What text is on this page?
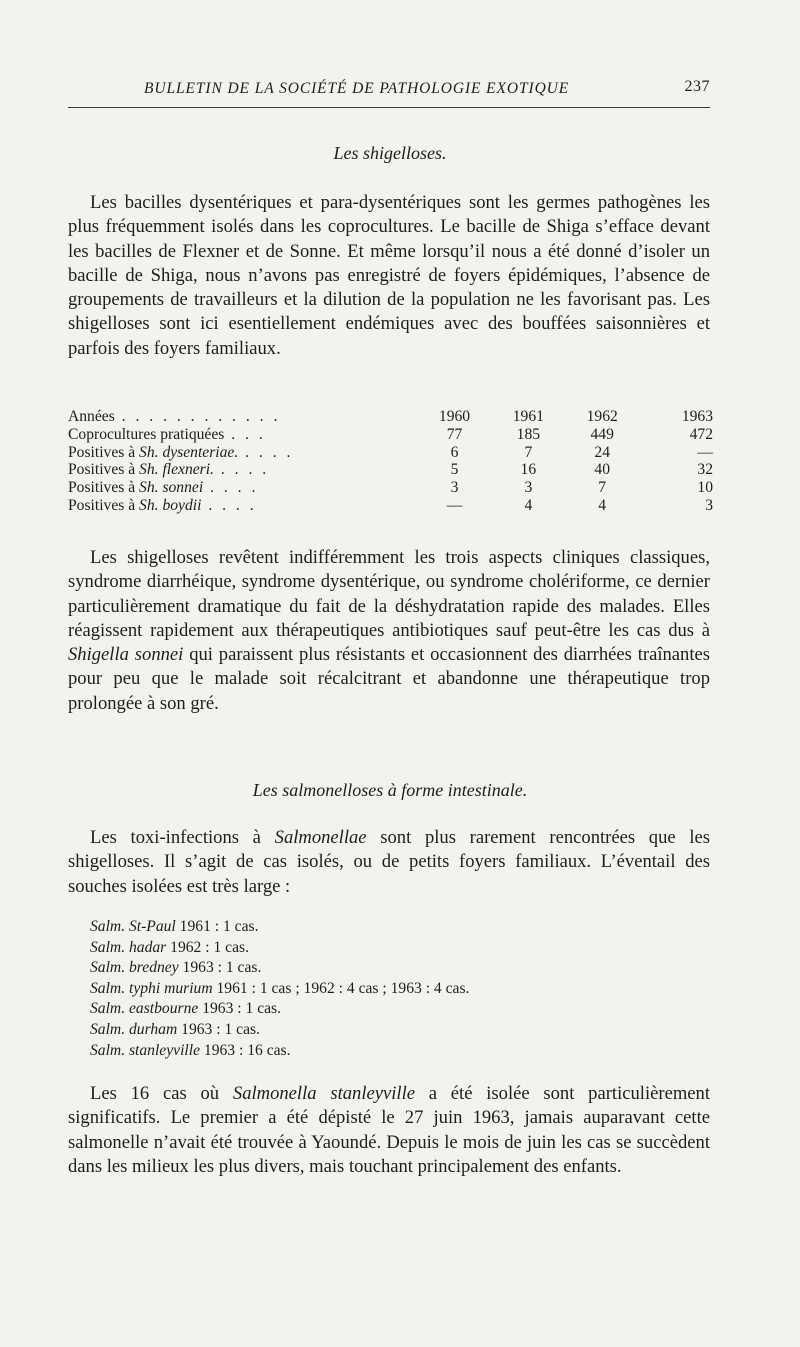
BULLETIN DE LA SOCIÉTÉ DE PATHOLOGIE EXOTIQUE	237
Les shigelloses.

Les bacilles dysentériques et para-dysentériques sont les germes pathogènes les plus fréquemment isolés dans les coprocultures. Le bacille de Shiga s’efface devant les bacilles de Flexner et de Sonne. Et même lorsqu’il nous a été donné d’isoler un bacille de Shiga, nous n’avons pas enregistré de foyers épidémiques, l’absence de groupements de travailleurs et la dilution de la population ne les favorisant pas. Les shigelloses sont ici esentiellement endémiques avec des bouffées saisonnières et parfois des foyers familiaux.

Années . . . . . . . . . . . .	1960	1961	1962	1963
Coprocultures pratiquées . . .	77	185	449	472
Positives à Sh. dysenteriae. . . . .	6	7	24	—
Positives à Sh. flexneri. . . . .	5	16	40	32
Positives à Sh. sonnei . . . .	3	3	7	10
Positives à Sh. boydii . . . .	—	4	4	3

Les shigelloses revêtent indifféremment les trois aspects cliniques classiques, syndrome diarrhéique, syndrome dysentérique, ou syndrome cholériforme, ce dernier particulièrement dramatique du fait de la déshydratation rapide des malades. Elles réagissent rapidement aux thérapeutiques antibiotiques sauf peut-être les cas dus à Shigella sonnei qui paraissent plus résistants et occasionnent des diarrhées traînantes pour peu que le malade soit récalcitrant et abandonne une thérapeutique trop prolongée à son gré.

Les salmonelloses à forme intestinale.

Les toxi-infections à Salmonellae sont plus rarement rencontrées que les shigelloses. Il s’agit de cas isolés, ou de petits foyers familiaux. L’éventail des souches isolées est très large :

Salm. St-Paul 1961 : 1 cas.
Salm. hadar 1962 : 1 cas.
Salm. bredney 1963 : 1 cas.
Salm. typhi murium 1961 : 1 cas ; 1962 : 4 cas ; 1963 : 4 cas.
Salm. eastbourne 1963 : 1 cas.
Salm. durham 1963 : 1 cas.
Salm. stanleyville 1963 : 16 cas.

Les 16 cas où Salmonella stanleyville a été isolée sont particulièrement significatifs. Le premier a été dépisté le 27 juin 1963, jamais auparavant cette salmonelle n’avait été trouvée à Yaoundé. Depuis le mois de juin les cas se succèdent dans les milieux les plus divers, mais touchant principalement des enfants.
